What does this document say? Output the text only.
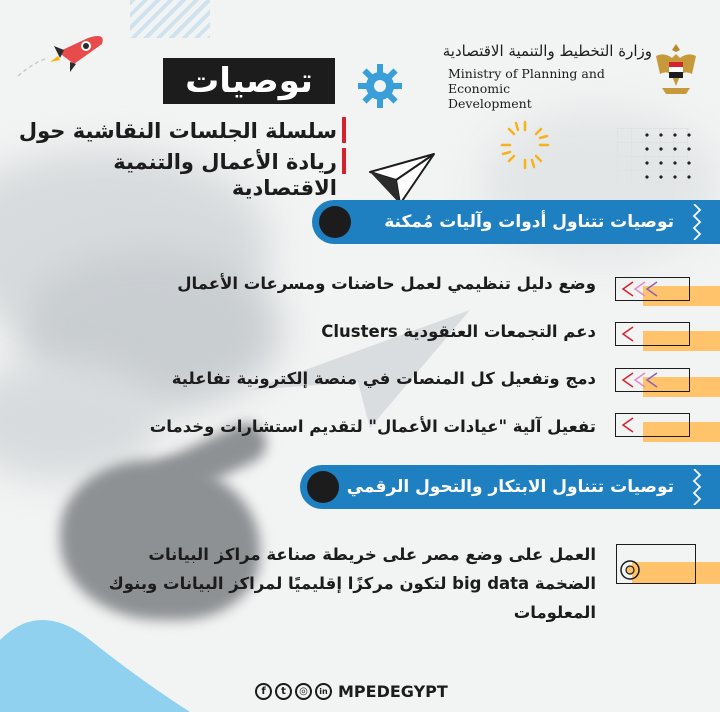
توصيات
سلسلة الجلسات النقاشية حول
ريادة الأعمال والتنمية الاقتصادية
وزارة التخطيط والتنمية الاقتصادية
Ministry of Planning and Economic
Development
توصيات تتناول أدوات وآليات مُمكنة
وضع دليل تنظيمي لعمل حاضنات ومسرعات الأعمال
دعم التجمعات العنقودية Clusters
دمج وتفعيل كل المنصات في منصة إلكترونية تفاعلية
تفعيل آلية "عيادات الأعمال" لتقديم استشارات وخدمات
توصيات تتناول الابتكار والتحول الرقمي
العمل على وضع مصر على خريطة صناعة مراكز البيانات
الضخمة big data لتكون مركزًا إقليميًا لمراكز البيانات وبنوك
المعلومات
f	t	◎	in MPEDEGYPT
